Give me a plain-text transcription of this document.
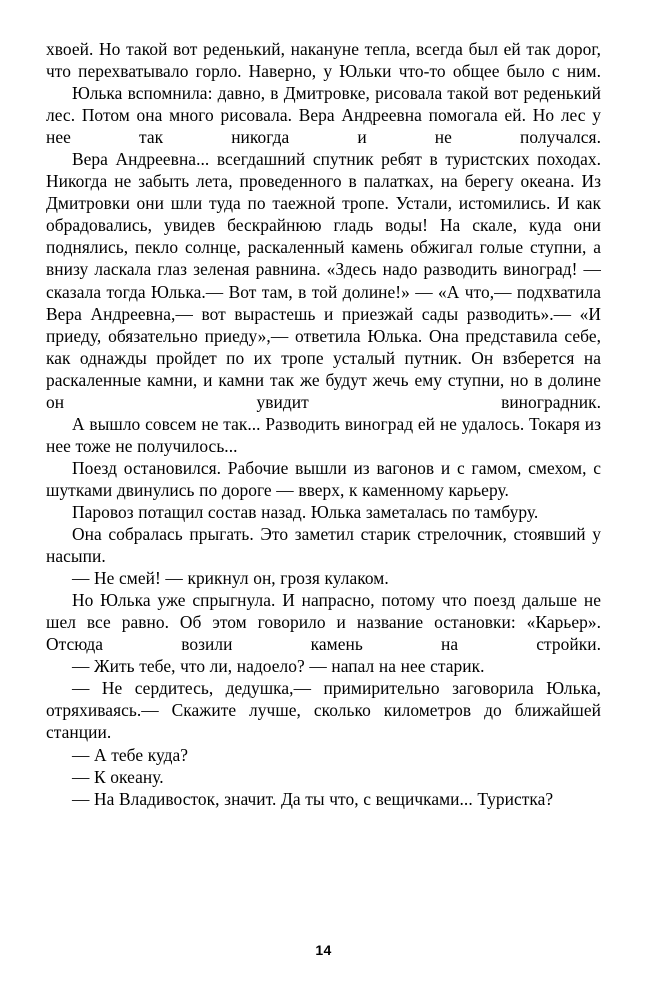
хвоей. Но такой вот реденький, накануне тепла, всегда был ей так дорог, что перехватывало горло. Наверно, у Юльки что-то общее было с ним.

Юлька вспомнила: давно, в Дмитровке, рисовала такой вот реденький лес. Потом она много рисовала. Вера Андреевна помогала ей. Но лес у нее так никогда и не получался.

Вера Андреевна... всегдашний спутник ребят в туристских походах. Никогда не забыть лета, проведенного в палатках, на берегу океана. Из Дмитровки они шли туда по таежной тропе. Устали, истомились. И как обрадовались, увидев бескрайнюю гладь воды! На скале, куда они поднялись, пекло солнце, раскаленный камень обжигал голые ступни, а внизу ласкала глаз зеленая равнина. «Здесь надо разводить виноград! — сказала тогда Юлька.— Вот там, в той долине!» — «А что,— подхватила Вера Андреевна,— вот вырастешь и приезжай сады разводить».— «И приеду, обязательно приеду»,— ответила Юлька. Она представила себе, как однажды пройдет по их тропе усталый путник. Он взберется на раскаленные камни, и камни так же будут жечь ему ступни, но в долине он увидит виноградник.

А вышло совсем не так... Разводить виноград ей не удалось. Токаря из нее тоже не получилось...

Поезд остановился. Рабочие вышли из вагонов и с гамом, смехом, с шутками двинулись по дороге — вверх, к каменному карьеру.

Паровоз потащил состав назад. Юлька заметалась по тамбуру.

Она собралась прыгать. Это заметил старик стрелочник, стоявший у насыпи.

— Не смей! — крикнул он, грозя кулаком.

Но Юлька уже спрыгнула. И напрасно, потому что поезд дальше не шел все равно. Об этом говорило и название остановки: «Карьер». Отсюда возили камень на стройки.

— Жить тебе, что ли, надоело? — напал на нее старик.

— Не сердитесь, дедушка,— примирительно заговорила Юлька, отряхиваясь.— Скажите лучше, сколько километров до ближайшей станции.

— А тебе куда?

— К океану.

— На Владивосток, значит. Да ты что, с вещичками... Туристка?

14
